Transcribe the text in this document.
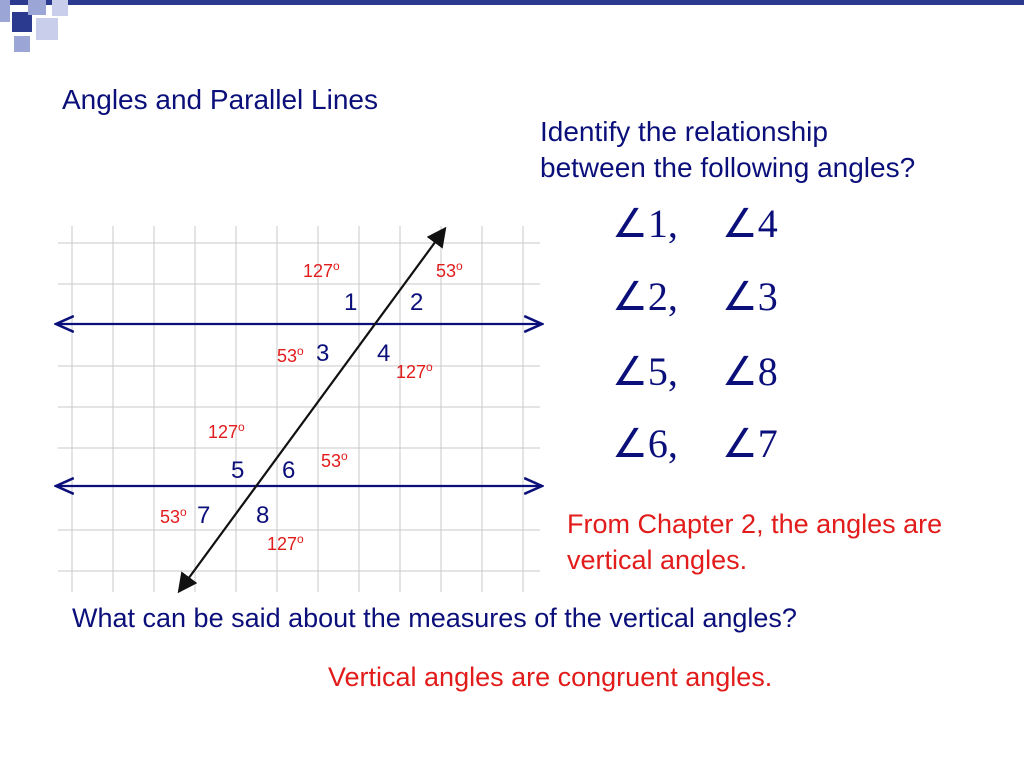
Angles and Parallel Lines
Identify the relationship
between the following angles?
∠1, ∠4
∠2, ∠3
∠5, ∠8
∠6, ∠7
From Chapter 2, the angles are vertical angles.
What can be said about the measures of the vertical angles?
Vertical angles are congruent angles.
1 2
3 4
5 6
7 8
127$^o$	53$^o$
53$^o$
127$^o$
127$^o$
53$^o$
53$^o$
127$^o$
